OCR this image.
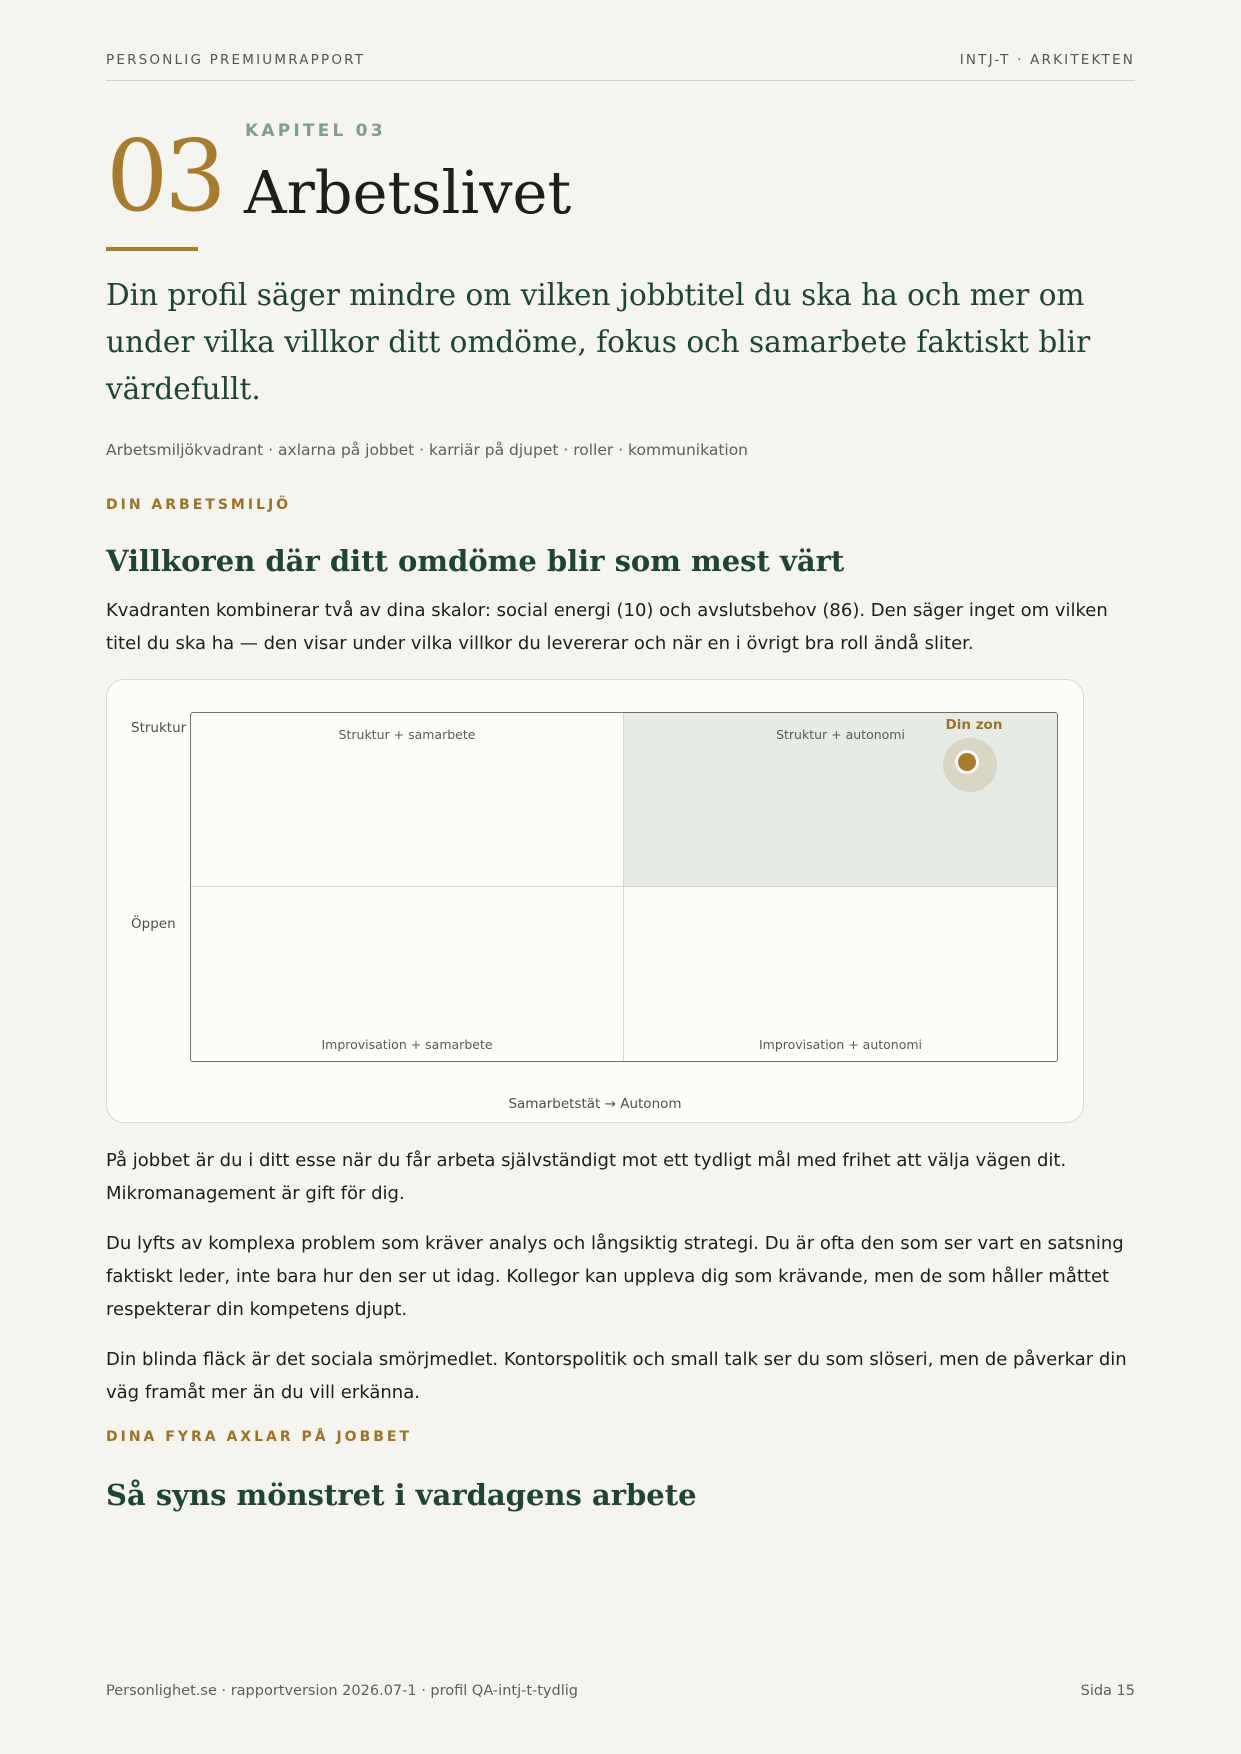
PERSONLIG PREMIUMRAPPORT	INTJ-T · ARKITEKTEN
03 KAPITEL 03
Arbetslivet

Din profil säger mindre om vilken jobbtitel du ska ha och mer om under vilka villkor ditt omdöme, fokus och samarbete faktiskt blir värdefullt.

Arbetsmiljökvadrant · axlarna på jobbet · karriär på djupet · roller · kommunikation
DIN ARBETSMILJÖ
Villkoren där ditt omdöme blir som mest värt

Kvadranten kombinerar två av dina skalor: social energi (10) och avslutsbehov (86). Den säger inget om vilken titel du ska ha — den visar under vilka villkor du levererar och när en i övrigt bra roll ändå sliter.

Struktur
Öppen
Struktur + samarbete	Struktur + autonomi
Din zon
Improvisation + samarbete	Improvisation + autonomi
Samarbetstät → Autonom

På jobbet är du i ditt esse när du får arbeta självständigt mot ett tydligt mål med frihet att välja vägen dit. Mikromanagement är gift för dig.

Du lyfts av komplexa problem som kräver analys och långsiktig strategi. Du är ofta den som ser vart en satsning faktiskt leder, inte bara hur den ser ut idag. Kollegor kan uppleva dig som krävande, men de som håller måttet respekterar din kompetens djupt.

Din blinda fläck är det sociala smörjmedlet. Kontorspolitik och small talk ser du som slöseri, men de påverkar din väg framåt mer än du vill erkänna.

DINA FYRA AXLAR PÅ JOBBET
Så syns mönstret i vardagens arbete
Personlighet.se · rapportversion 2026.07-1 · profil QA-intj-t-tydlig	Sida 15
